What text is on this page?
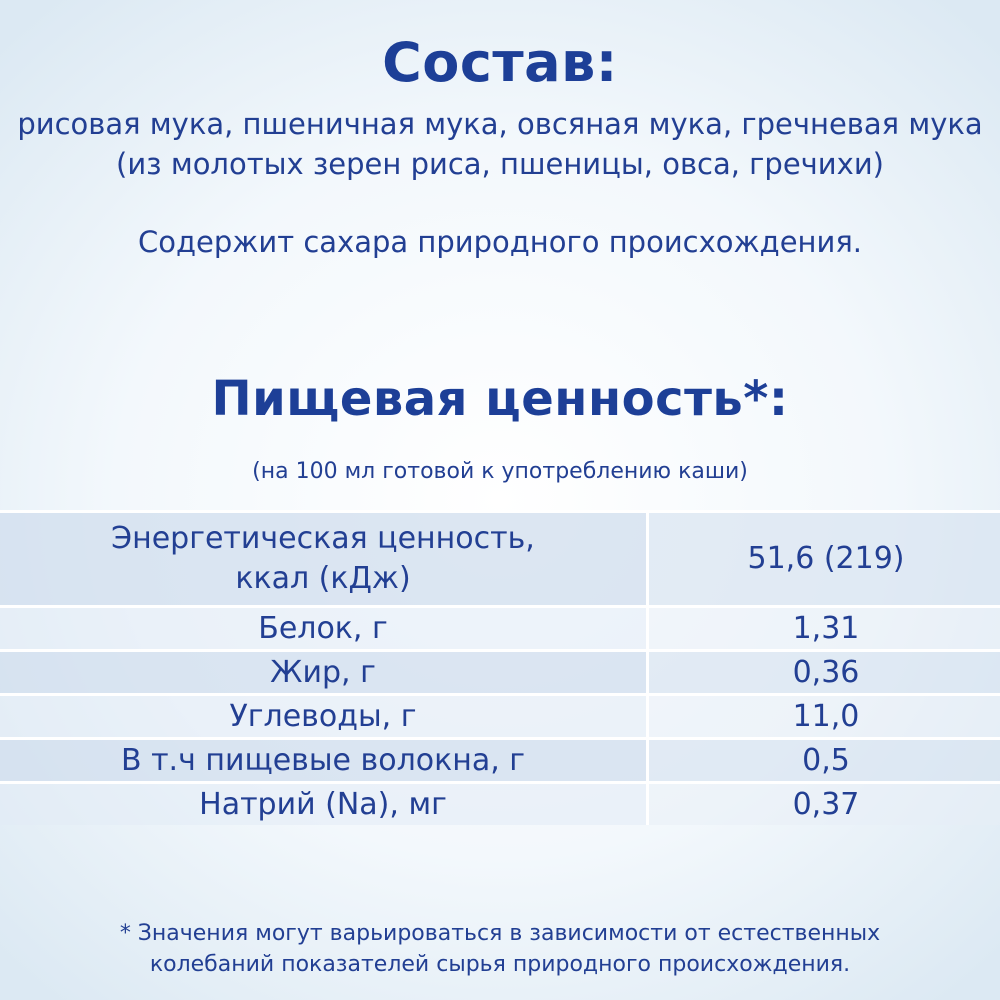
Состав:
рисовая мука, пшеничная мука, овсяная мука, гречневая мука (из молотых зерен риса, пшеницы, овса, гречихи)
Содержит сахара природного происхождения.
Пищевая ценность*:
(на 100 мл готовой к употреблению каши)
Энергетическая ценность,
ккал (кДж)	51,6 (219)
Белок, г	1,31
Жир, г	0,36
Углеводы, г	11,0
В т.ч пищевые волокна, г	0,5
Натрий (Na), мг	0,37
* Значения могут варьироваться в зависимости от естественных
колебаний показателей сырья природного происхождения.
